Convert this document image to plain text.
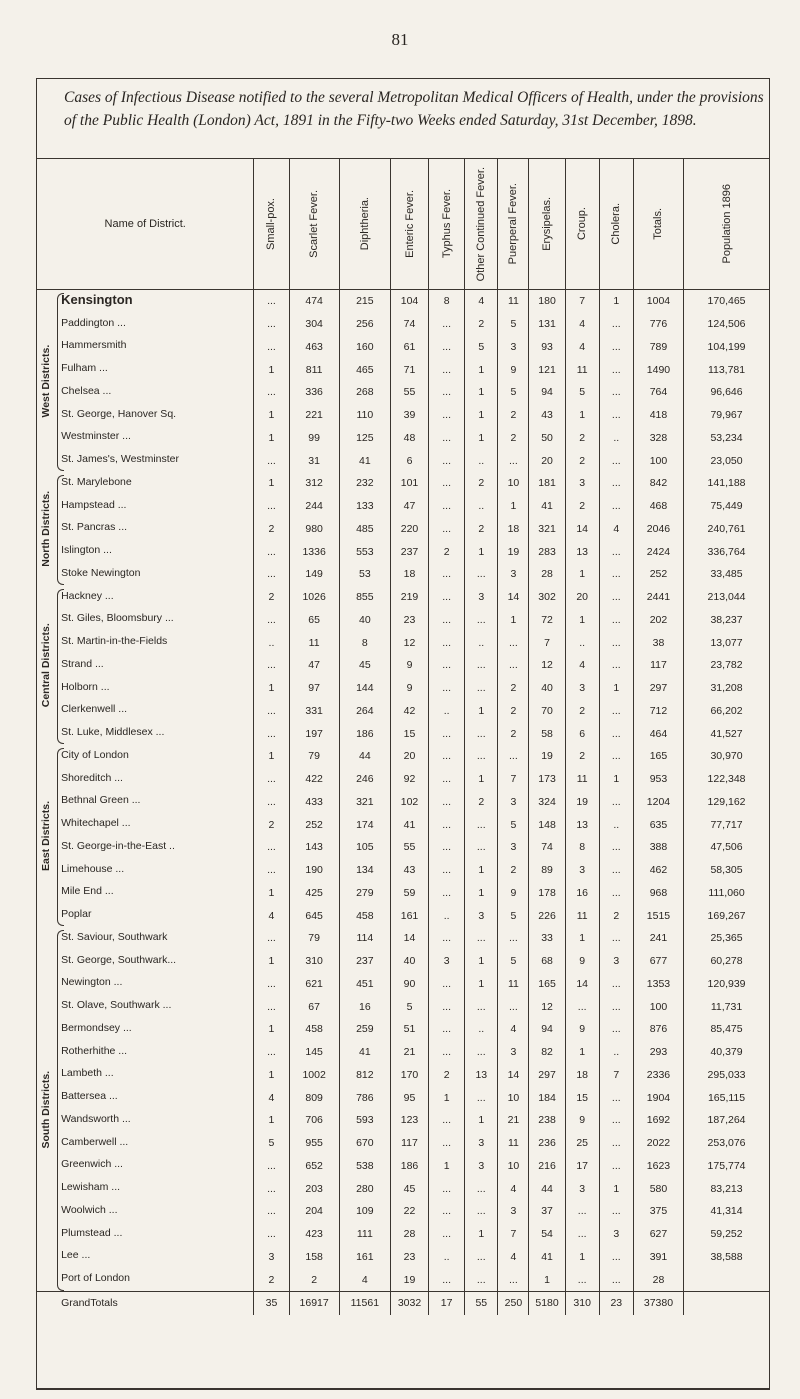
81
Cases of Infectious Disease notified to the several Metropolitan Medical Officers of Health, under the provisions of the Public Health (London) Act, 1891 in the Fifty-two Weeks ended Saturday, 31st December, 1898.
Name of District.		Small-pox.	Scarlet Fever.	Diphtheria.	Enteric Fever.	Typhus Fever.	Other Continued Fever.	Puerperal Fever.	Erysipelas.	Croup.	Cholera.	Totals.	Population 1896

	Kensington	...	474	215	104	8	4	11	180	7	1	1004	170,465
	Paddington ...	...	304	256	74	...	2	5	131	4	...	776	124,506
	Hammersmith	...	463	160	61	...	5	3	93	4	...	789	104,199
	Fulham ...	1	811	465	71	...	1	9	121	11	...	1490	113,781
	Chelsea ...	...	336	268	55	...	1	5	94	5	...	764	96,646
	St. George, Hanover Sq.	1	221	110	39	...	1	2	43	1	...	418	79,967
	Westminster ...	1	99	125	48	...	1	2	50	2	..	328	53,234
	St. James's, Westminster	...	31	41	6	...	..	...	20	2	...	100	23,050
	St. Marylebone	1	312	232	101	...	2	10	181	3	...	842	141,188
	Hampstead ...	...	244	133	47	...	..	1	41	2	...	468	75,449
	St. Pancras ...	2	980	485	220	...	2	18	321	14	4	2046	240,761
	Islington ...	...	1336	553	237	2	1	19	283	13	...	2424	336,764
	Stoke Newington	...	149	53	18	...	...	3	28	1	...	252	33,485
	Hackney ...	2	1026	855	219	...	3	14	302	20	...	2441	213,044
	St. Giles, Bloomsbury ...	...	65	40	23	...	...	1	72	1	...	202	38,237
	St. Martin-in-the-Fields	..	11	8	12	...	..	...	7	..	...	38	13,077
	Strand ...	...	47	45	9	...	...	...	12	4	...	117	23,782
	Holborn ...	1	97	144	9	...	...	2	40	3	1	297	31,208
	Clerkenwell ...	...	331	264	42	..	1	2	70	2	...	712	66,202
	St. Luke, Middlesex ...	...	197	186	15	...	...	2	58	6	...	464	41,527
	City of London	1	79	44	20	...	...	...	19	2	...	165	30,970
	Shoreditch ...	...	422	246	92	...	1	7	173	11	1	953	122,348
	Bethnal Green ...	...	433	321	102	...	2	3	324	19	...	1204	129,162
	Whitechapel ...	2	252	174	41	...	...	5	148	13	..	635	77,717
	St. George-in-the-East ..	...	143	105	55	...	...	3	74	8	...	388	47,506
	Limehouse ...	...	190	134	43	...	1	2	89	3	...	462	58,305
	Mile End ...	1	425	279	59	...	1	9	178	16	...	968	111,060
	Poplar	4	645	458	161	..	3	5	226	11	2	1515	169,267
	St. Saviour, Southwark	...	79	114	14	...	...	...	33	1	...	241	25,365
	St. George, Southwark...	1	310	237	40	3	1	5	68	9	3	677	60,278
	Newington ...	...	621	451	90	...	1	11	165	14	...	1353	120,939
	St. Olave, Southwark ...	...	67	16	5	...	...	...	12	...	...	100	11,731
	Bermondsey ...	1	458	259	51	...	..	4	94	9	...	876	85,475
	Rotherhithe ...	...	145	41	21	...	...	3	82	1	..	293	40,379
	Lambeth ...	1	1002	812	170	2	13	14	297	18	7	2336	295,033
	Battersea ...	4	809	786	95	1	...	10	184	15	...	1904	165,115
	Wandsworth ...	1	706	593	123	...	1	21	238	9	...	1692	187,264
	Camberwell ...	5	955	670	117	...	3	11	236	25	...	2022	253,076
	Greenwich ...	...	652	538	186	1	3	10	216	17	...	1623	175,774
	Lewisham ...	...	203	280	45	...	...	4	44	3	1	580	83,213
	Woolwich ...	...	204	109	22	...	...	3	37	...	...	375	41,314
	Plumstead ...	...	423	111	28	...	1	7	54	...	3	627	59,252
	Lee ...	3	158	161	23	..	...	4	41	1	...	391	38,588
	Port of London	2	2	4	19	...	...	...	1	...	...	28	
	GrandTotals	35	16917	11561	3032	17	55	250	5180	310	23	37380	
West Districts.
North Districts.
Central Districts.
East Districts.
South Districts.
